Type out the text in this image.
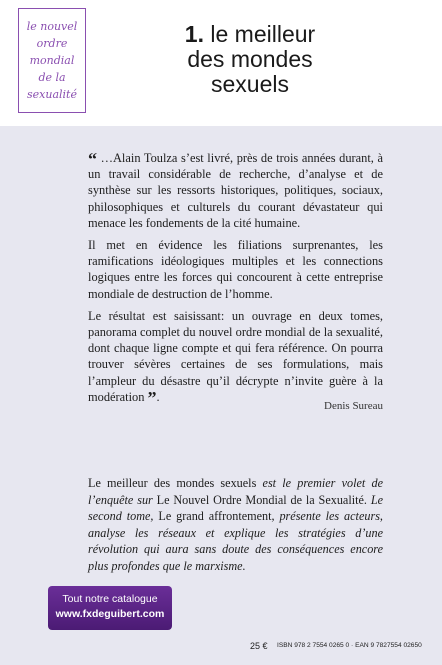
le nouvel
ordre
mondial
de la
sexualité
1. le meilleur
des mondes
sexuels

“ …Alain Toulza s’est livré, près de trois années durant, à un travail considérable de recherche, d’analyse et de synthèse sur les ressorts historiques, politiques, sociaux, philosophiques et culturels du courant dévastateur qui menace les fondements de la cité humaine.

Il met en évidence les filiations surprenantes, les ramifications idéologiques multiples et les connections logiques entre les forces qui concourent à cette entreprise mondiale de destruction de l’homme.

Le résultat est saisissant: un ouvrage en deux tomes, panorama complet du nouvel ordre mondial de la sexualité, dont chaque ligne compte et qui fera référence. On pourra trouver sévères certaines de ses formulations, mais l’ampleur du désastre qu’il décrypte n’invite guère à la modération ”.

Denis Sureau
Le meilleur des mondes sexuels est le premier volet de l’enquête sur Le Nouvel Ordre Mondial de la Sexualité. Le second tome, Le grand affrontement, présente les acteurs, analyse les réseaux et explique les stratégies d’une révolution qui aura sans doute des conséquences encore plus profondes que le marxisme.
Tout notre catalogue
www.fxdeguibert.com
25 € ISBN 978 2 7554 0265 0 · EAN 9 7827554 02650
